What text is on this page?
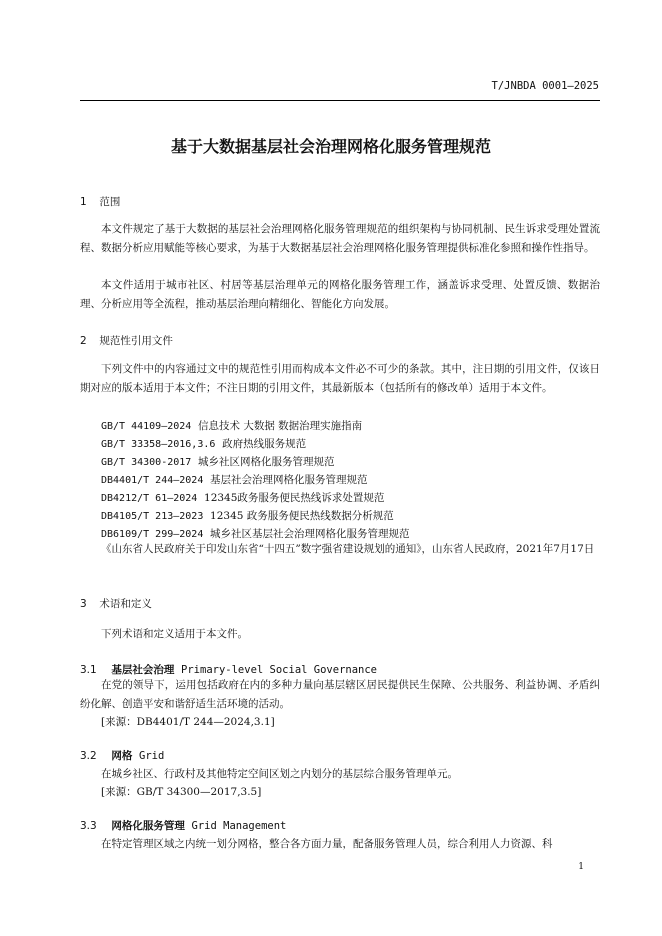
T/JNBDA 0001—2025
基于大数据基层社会治理网格化服务管理规范
1 范围

本文件规定了基于大数据的基层社会治理网格化服务管理规范的组织架构与协同机制、民生诉求受理处置流程、数据分析应用赋能等核心要求，为基于大数据基层社会治理网格化服务管理提供标准化参照和操作性指导。

本文件适用于城市社区、村居等基层治理单元的网格化服务管理工作，涵盖诉求受理、处置反馈、数据治理、分析应用等全流程，推动基层治理向精细化、智能化方向发展。

2 规范性引用文件

下列文件中的内容通过文中的规范性引用而构成本文件必不可少的条款。其中，注日期的引用文件，仅该日期对应的版本适用于本文件；不注日期的引用文件，其最新版本（包括所有的修改单）适用于本文件。

GB/T 44109—2024 信息技术 大数据 数据治理实施指南
GB/T 33358—2016,3.6 政府热线服务规范
GB/T 34300-2017 城乡社区网格化服务管理规范
DB4401/T 244—2024 基层社会治理网格化服务管理规范
DB4212/T 61—2024 12345政务服务便民热线诉求处置规范
DB4105/T 213—2023 12345 政务服务便民热线数据分析规范
DB6109/T 299—2024 城乡社区基层社会治理网格化服务管理规范

《山东省人民政府关于印发山东省“十四五”数字强省建设规划的通知》，山东省人民政府，2021年7月17日

3 术语和定义
下列术语和定义适用于本文件。
3.1 基层社会治理 Primary-level Social Governance

在党的领导下，运用包括政府在内的多种力量向基层辖区居民提供民生保障、公共服务、利益协调、矛盾纠纷化解、创造平安和谐舒适生活环境的活动。

[来源：DB4401/T 244—2024,3.1]
3.2 网格 Grid
在城乡社区、行政村及其他特定空间区划之内划分的基层综合服务管理单元。
[来源：GB/T 34300—2017,3.5]
3.3 网格化服务管理 Grid Management
在特定管理区域之内统一划分网格，整合各方面力量，配备服务管理人员，综合利用人力资源、科
1
